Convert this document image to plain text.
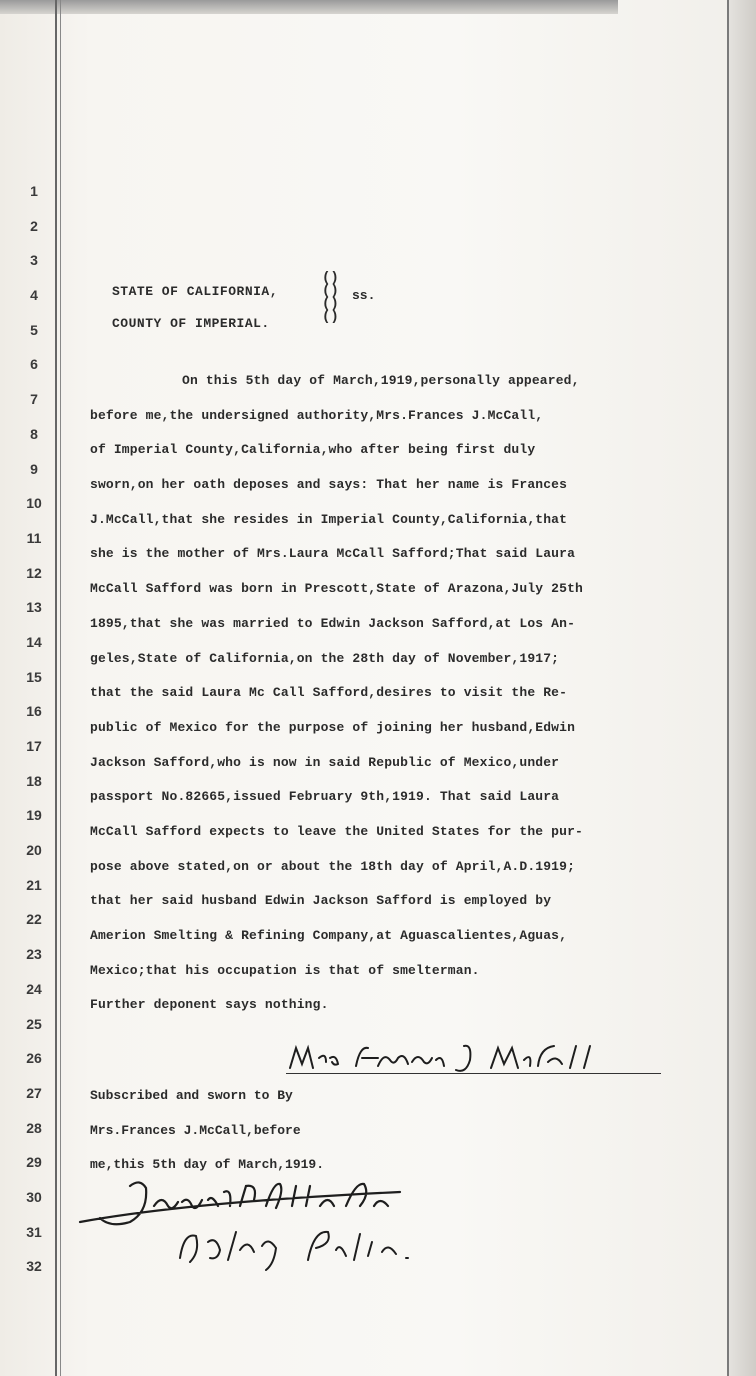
1
2
3
4
5
6
7
8
9
10
11
12
13
14
15
16
17
18
19
20
21
22
23
24
25
26
27
28
29
30
31
32
STATE OF CALIFORNIA,
COUNTY OF IMPERIAL.
()
()
()
()
ss.
On this 5th day of March,1919,personally appeared,
before me,the undersigned authority,Mrs.Frances J.McCall,
of Imperial County,California,who after being first duly
sworn,on her oath deposes and says: That her name is Frances
J.McCall,that she resides in Imperial County,California,that
she is the mother of Mrs.Laura McCall Safford;That said Laura
McCall Safford was born in Prescott,State of Arazona,July 25th
1895,that she was married to Edwin Jackson Safford,at Los An-
geles,State of California,on the 28th day of November,1917;
that the said Laura Mc Call Safford,desires to visit the Re-
public of Mexico for the purpose of joining her husband,Edwin
Jackson Safford,who is now in said Republic of Mexico,under
passport No.82665,issued February 9th,1919. That said Laura
McCall Safford expects to leave the United States for the pur-
pose above stated,on or about the 18th day of April,A.D.1919;
that her said husband Edwin Jackson Safford is employed by
Amerion Smelting & Refining Company,at Aguascalientes,Aguas,
Mexico;that his occupation is that of smelterman.
Further deponent says nothing.
Subscribed and sworn to By
Mrs.Frances J.McCall,before
me,this 5th day of March,1919.
